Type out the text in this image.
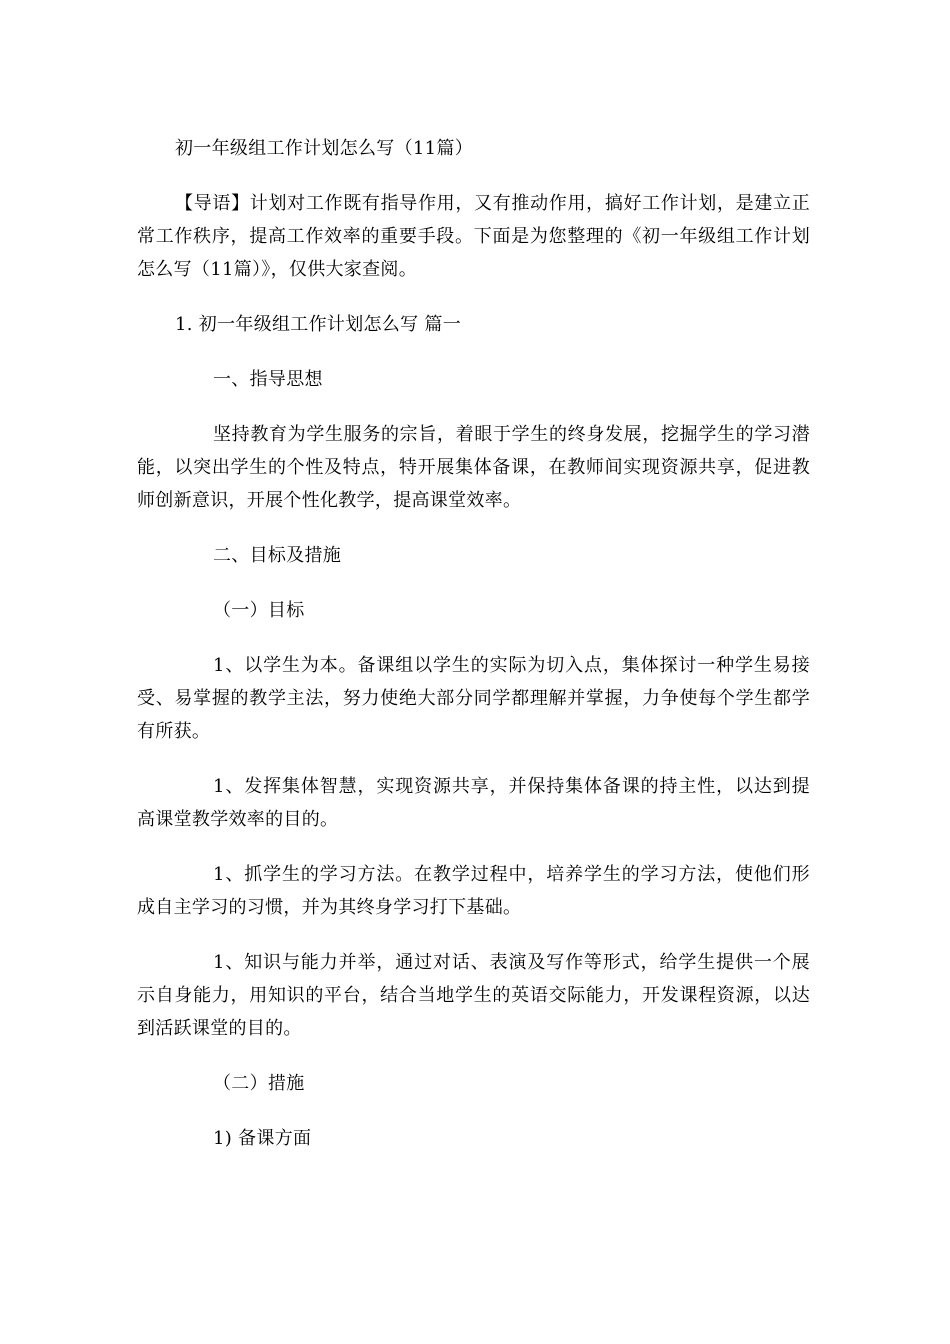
初一年级组工作计划怎么写（11篇）
【导语】计划对工作既有指导作用，又有推动作用，搞好工作计划，是建立正常工作秩序，提高工作效率的重要手段。下面是为您整理的《初一年级组工作计划怎么写（11篇）》，仅供大家查阅。
1. 初一年级组工作计划怎么写 篇一
一、指导思想
坚持教育为学生服务的宗旨，着眼于学生的终身发展，挖掘学生的学习潜能，以突出学生的个性及特点，特开展集体备课，在教师间实现资源共享，促进教师创新意识，开展个性化教学，提高课堂效率。
二、目标及措施
（一）目标
1、以学生为本。备课组以学生的实际为切入点，集体探讨一种学生易接受、易掌握的教学主法，努力使绝大部分同学都理解并掌握，力争使每个学生都学有所获。
1、发挥集体智慧，实现资源共享，并保持集体备课的持主性，以达到提高课堂教学效率的目的。
1、抓学生的学习方法。在教学过程中，培养学生的学习方法，使他们形成自主学习的习惯，并为其终身学习打下基础。
1、知识与能力并举，通过对话、表演及写作等形式，给学生提供一个展示自身能力，用知识的平台，结合当地学生的英语交际能力，开发课程资源，以达到活跃课堂的目的。
（二）措施
1) 备课方面
